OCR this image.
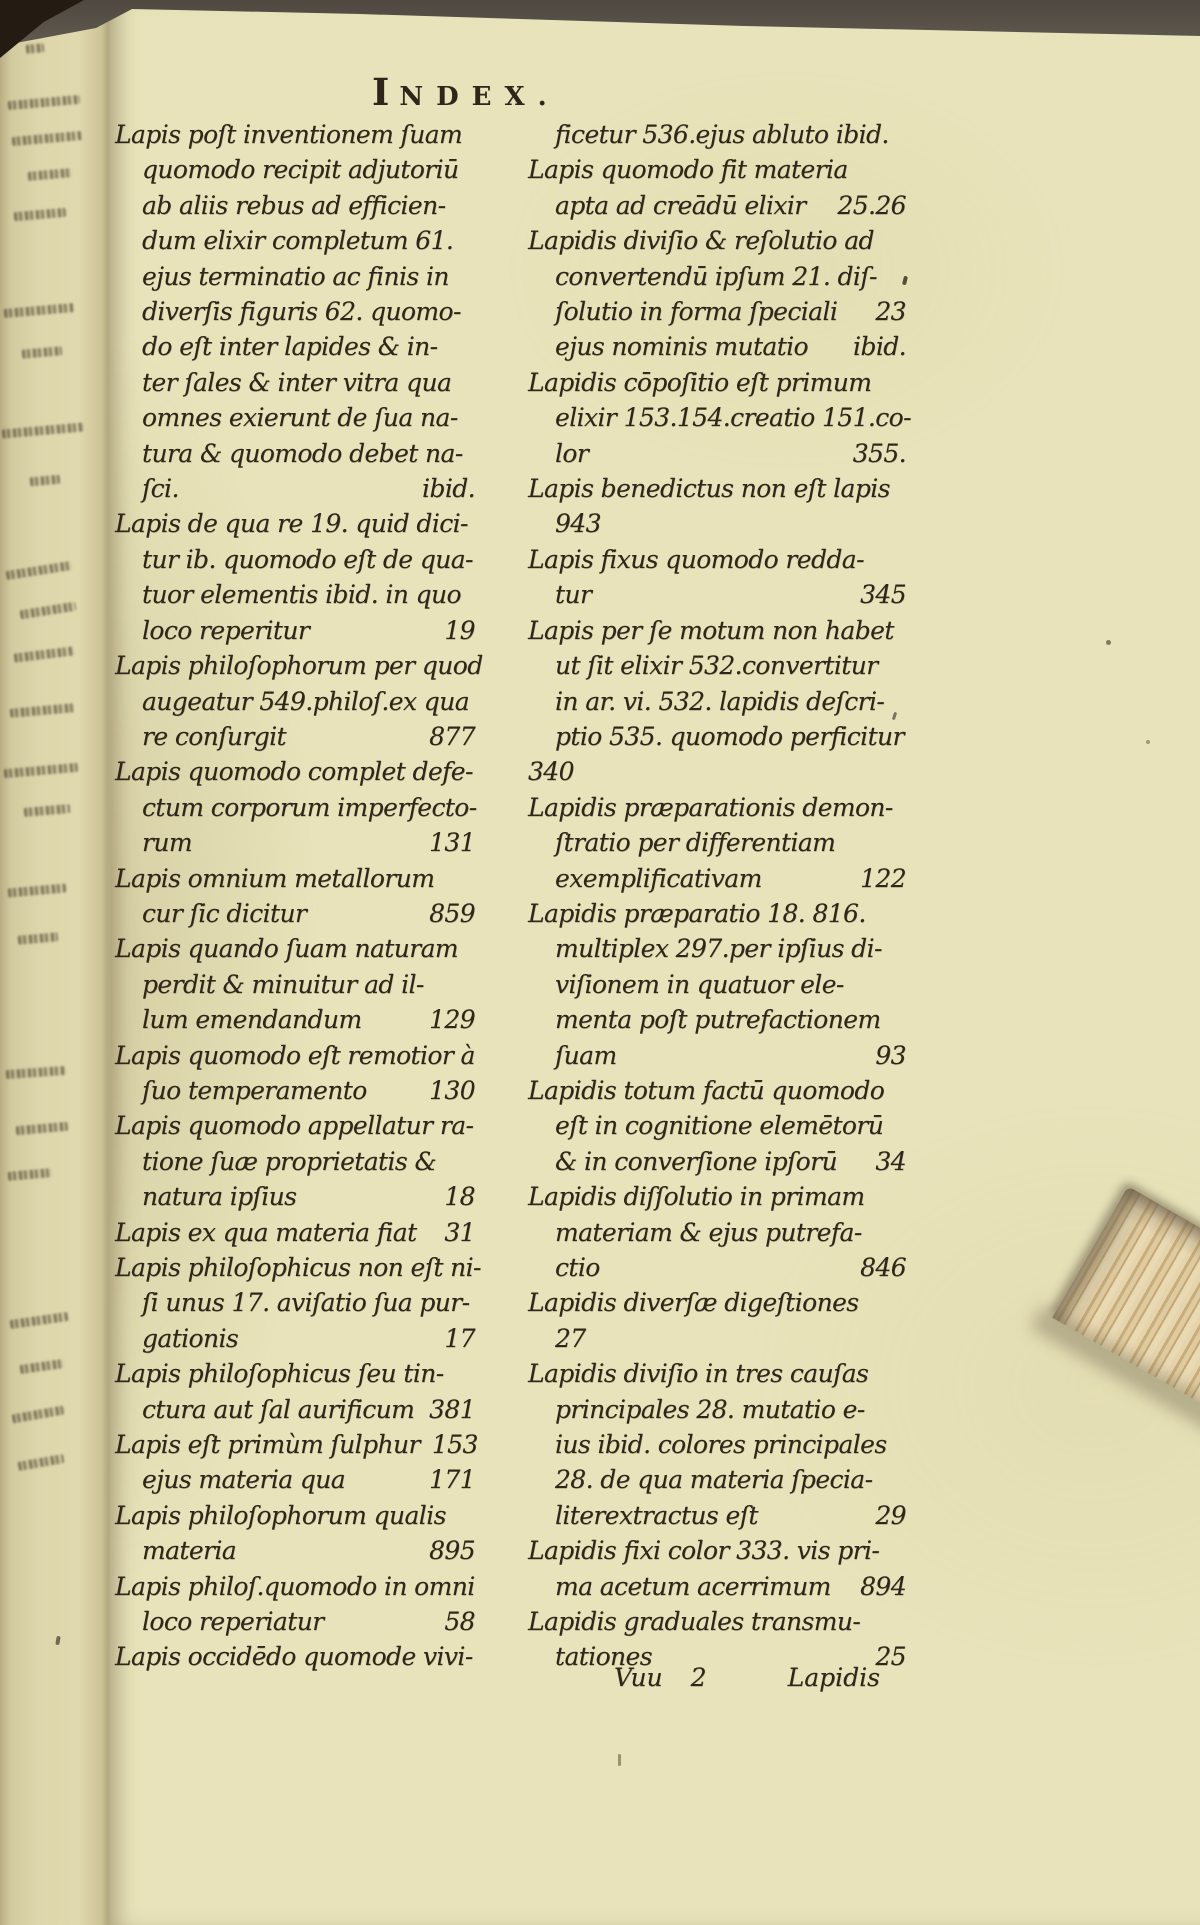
INDEX.
Lapis poſt inventionem ſuam
quomodo recipit adjutoriū
ab aliis rebus ad efficien-
dum elixir completum 61.
ejus terminatio ac finis in
diverſis figuris 62. quomo-
do eſt inter lapides & in-
ter ſales & inter vitra qua
omnes exierunt de ſua na-
tura & quomodo debet na-
ſci.	ibid.
Lapis de qua re 19. quid dici-
tur ib. quomodo eſt de qua-
tuor elementis ibid. in quo
loco reperitur	19
Lapis philoſophorum per quod
augeatur 549.philoſ.ex qua
re conſurgit	877
Lapis quomodo complet defe-
ctum corporum imperfecto-
rum	131
Lapis omnium metallorum
cur ſic dicitur	859
Lapis quando ſuam naturam
perdit & minuitur ad il-
lum emendandum	129
Lapis quomodo eſt remotior à
ſuo temperamento 130
Lapis quomodo appellatur ra-
tione ſuæ proprietatis &
natura ipſius	18
Lapis ex qua materia fiat 31
Lapis philoſophicus non eſt ni-
ſi unus 17. aviſatio ſua pur-
gationis	17
Lapis philoſophicus ſeu tin-
ctura aut ſal aurificum 381
Lapis eſt primùm ſulphur 153
ejus materia qua	171
Lapis philoſophorum qualis
materia	895
Lapis philoſ.quomodo in omni
loco reperiatur	58
Lapis occidēdo quomode vivi-
ficetur 536.ejus abluto ibid.
Lapis quomodo fit materia
apta ad creādū elixir 25.26
Lapidis diviſio & reſolutio ad
convertendū ipſum 21. diſ-
ſolutio in forma ſpeciali 23
ejus nominis mutatio ibid.
Lapidis cōpoſitio eſt primum
elixir 153.154.creatio 151.co-
lor	355.
Lapis benedictus non eſt lapis
943
Lapis fixus quomodo redda-
tur	345
Lapis per ſe motum non habet
ut ſit elixir 532.convertitur
in ar. vi. 532. lapidis deſcri-
ptio 535. quomodo perficitur
340
Lapidis præparationis demon-
ſtratio per differentiam
exemplificativam	122
Lapidis præparatio 18. 816.
multiplex 297.per ipſius di-
viſionem in quatuor ele-
menta poſt putrefactionem
ſuam	93
Lapidis totum factū quomodo
eſt in cognitione elemētorū
& in converſione ipſorū 34
Lapidis diſſolutio in primam
materiam & ejus putrefa-
ctio	846
Lapidis diverſæ digeſtiones
27
Lapidis diviſio in tres cauſas
principales 28. mutatio e-
ius ibid. colores principales
28. de qua materia ſpecia-
literextractus eſt	29
Lapidis fixi color 333. vis pri-
ma acetum acerrimum 894
Lapidis graduales transmu-
tationes	25
Vuu 2	Lapidis
